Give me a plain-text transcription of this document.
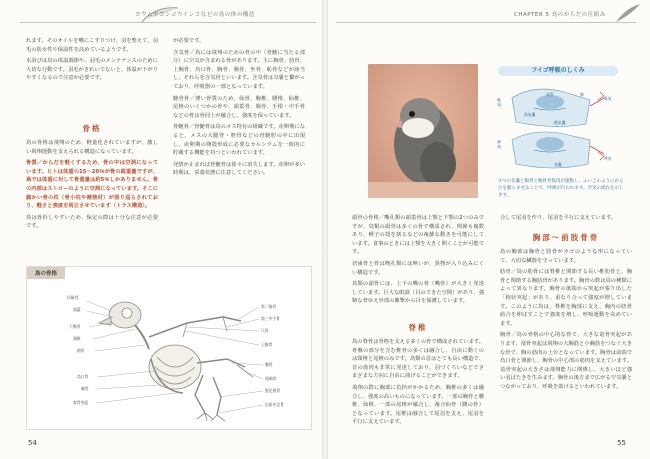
ヨウムやコンゴウインコなどの鳥の体の構造

れます。そのオイルを嘴にこすりつけ、羽を整えて、羽毛の防水性や保温性を高めているようです。

水浴びは鳥の体温調節や、羽毛のメンテナンスのために大切な行動です。羽毛がきれいでないと、体温が下がりやすくなるので注意が必要です。

骨格

鳥の骨格は飛翔のため、軽量化されていますが、激しい飛翔運動を支えられる構造になっています。

骨質／からだを軽くするため、骨の中は空洞になっています。ヒトは体重の15〜20％が骨の総重量ですが、鳥では体重に対して骨重量は約5％しかありません。骨の内部はストローのように空洞になっています。そこに細かい骨の柱（骨小柱や補強材）が張り巡らされており、軽さと強度を両立させています（トラス構造）。

鳥は骨折しやすいため、保定の際は十分な注意が必要です。

が必要です。

含気骨／鳥には飛翔のための骨の中（骨髄に当たる部分）に空気が含まれる骨があります。主に胸骨、肋骨、上腕骨、烏口骨、胸骨、腸骨、坐骨、恥骨などが該当し、それらを含気骨といいます。含気骨は気嚢と繋がっており、呼吸器の一部となっています。

髄骨骨／薄い骨質のため、仙骨、胸椎、腰椎、仙椎、尾椎のいくつかの骨や、頭蓋骨、腸骨、手根・中手骨などの骨は骨同士が融合し、強度を保っています。

骨髄骨／骨髄骨は鳥のメス特有の組織です。産卵期になると、メスの大腿骨・脛骨などの骨髄腔の中に出現し、産卵期の卵殻形成に必要なカルシウムを一時的に貯蔵する機能を持つといわれています。

発情が止まれば骨髄骨は徐々に消失します。産卵が多い時期は、栄養状態に注意してください。

鳥の骨格
切歯骨
頭蓋
下顎骨
頸椎
鎖骨
烏口骨
胸骨
竜骨突起
第二指骨
第三中手骨
尺骨
上腕骨
腸骨
尾端骨
脛足根骨
足根中足骨
54
CHAPTER 5 鳥のからだの仕組み
フイゴ呼吸のしくみ
吸気
呼気
気管	肺
後気嚢
前気嚢
吸気
呼気
気嚢
⑦つの気嚢と胸骨と胸骨骨筋肉が運動し、ふいごのようにからだを膨らませることで、呼吸が行われます。空気の流れを示します。

頭骨の骨格／嘴孔類の頭蓋骨は上顎と下顎の2つのみですが、鳥類の頭骨は多くの骨で構成され、関節も複数あり、種子の殻を割るなどの複雑な動きを可能にしています。食事のときには上顎を大きく開くことが可能です。

切歯骨と骨は吻孔類には無いが、異物が入り込みにくい構造です。

鳥類の頭骨には、上下の嘴の骨（嘴骨）が大きく発達しています。巨大な眼窩（目のできた空間）があり、強靭な骨ゆえ外部の衝撃から目を保護しています。

脊椎

鳥の脊骨は骨格を支える多くの骨で構成されています。骨盤の部分を含む椎骨の多くは融合し、自由に動くのは頸椎と尾椎のみです。鳥類の首はとても長い構造で、首の筋肉も非常に発達しており、羽づくろいなどでさまざまな方向に自由に曲げることができます。

飛翔の際に胸部に負担がかかるため、胸椎の多くは融合し、強度の高いものになっています。一部の胸骨と腰椎、仙椎、一部の尾椎が融合し、複合仙骨（腰の骨）となっています。尾椎は融合して尾羽を支え、尾羽を平行に支えています。

合して尾羽を作り、尾羽を平行に支えています。

胸部〜前肢骨骨

鳥の胸部は胸骨と肋骨がカゴのような形になっていて、大切な臓器を守っています。

肋骨／鳥の肋骨には脊椎と関節する長い椎肋骨と、胸骨と関節する胸肋骨があります。胸骨の数は鳥の種類によって異なります。胸骨の後端から突起が張り出した「鉤状突起」があり、重なり合って強度が増しています。このように鳥は、脊椎を胸部に支え、胸内の肋骨結合を伸ばすことで強度を増し、呼吸運動を高めています。

胸骨／鳥の骨格の中心的な骨で、大きな竜骨突起があります。竜骨突起は飛翔の大胸筋と小胸筋をつなぐ大きな骨で、胸の筋肉の土台となっています。胸骨は前端で烏口骨と関節し、胸骨の中心部の筋肉を支えています。竜骨突起の大きさは飛翔能力に関係し、大きいほど強い羽ばたきを生みます。胸骨の後方まで広がる空気嚢とつながっており、呼吸を助けるといわれています。

55
